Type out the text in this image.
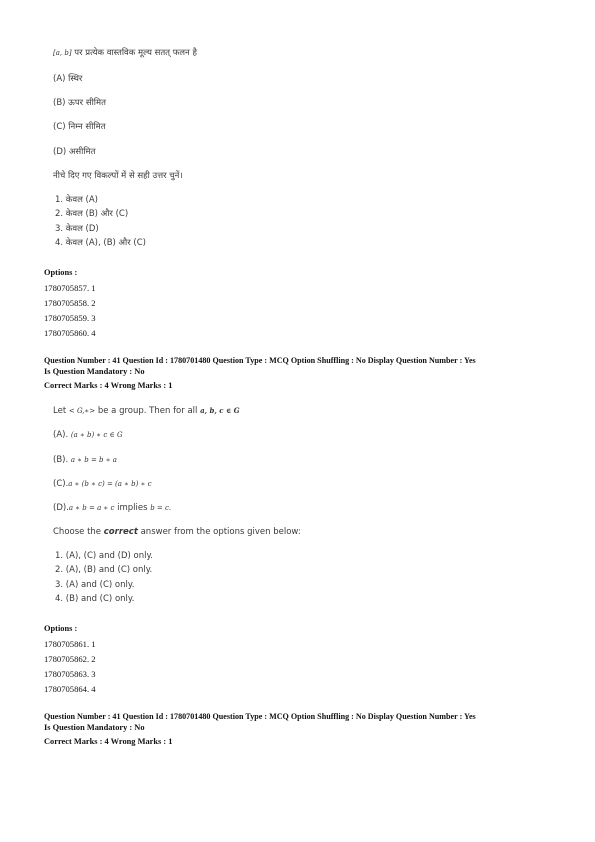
[a, b] पर प्रत्येक वास्तविक मूल्य सतत् फलन है
(A) स्थिर
(B) ऊपर सीमित
(C) निम्न सीमित
(D) असीमित
नीचे दिए गए विकल्पों में से सही उत्तर चुनें।
1. केवल (A)
2. केवल (B) और (C)
3. केवल (D)
4. केवल (A), (B) और (C)
Options :
1780705857. 1
1780705858. 2
1780705859. 3
1780705860. 4
Question Number : 41 Question Id : 1780701480 Question Type : MCQ Option Shuffling : No Display Question Number : Yes
Is Question Mandatory : No
Correct Marks : 4 Wrong Marks : 1
Let < G,∗> be a group. Then for all a, b, c ∈ G
(A). (a ∗ b) ∗ c ∈ G
(B). a ∗ b = b ∗ a
(C).a ∗ (b ∗ c) = (a ∗ b) ∗ c
(D).a ∗ b = a ∗ c implies b = c.
Choose the correct answer from the options given below:
1. (A), (C) and (D) only.
2. (A), (B) and (C) only.
3. (A) and (C) only.
4. (B) and (C) only.
Options :
1780705861. 1
1780705862. 2
1780705863. 3
1780705864. 4
Question Number : 41 Question Id : 1780701480 Question Type : MCQ Option Shuffling : No Display Question Number : Yes
Is Question Mandatory : No
Correct Marks : 4 Wrong Marks : 1
